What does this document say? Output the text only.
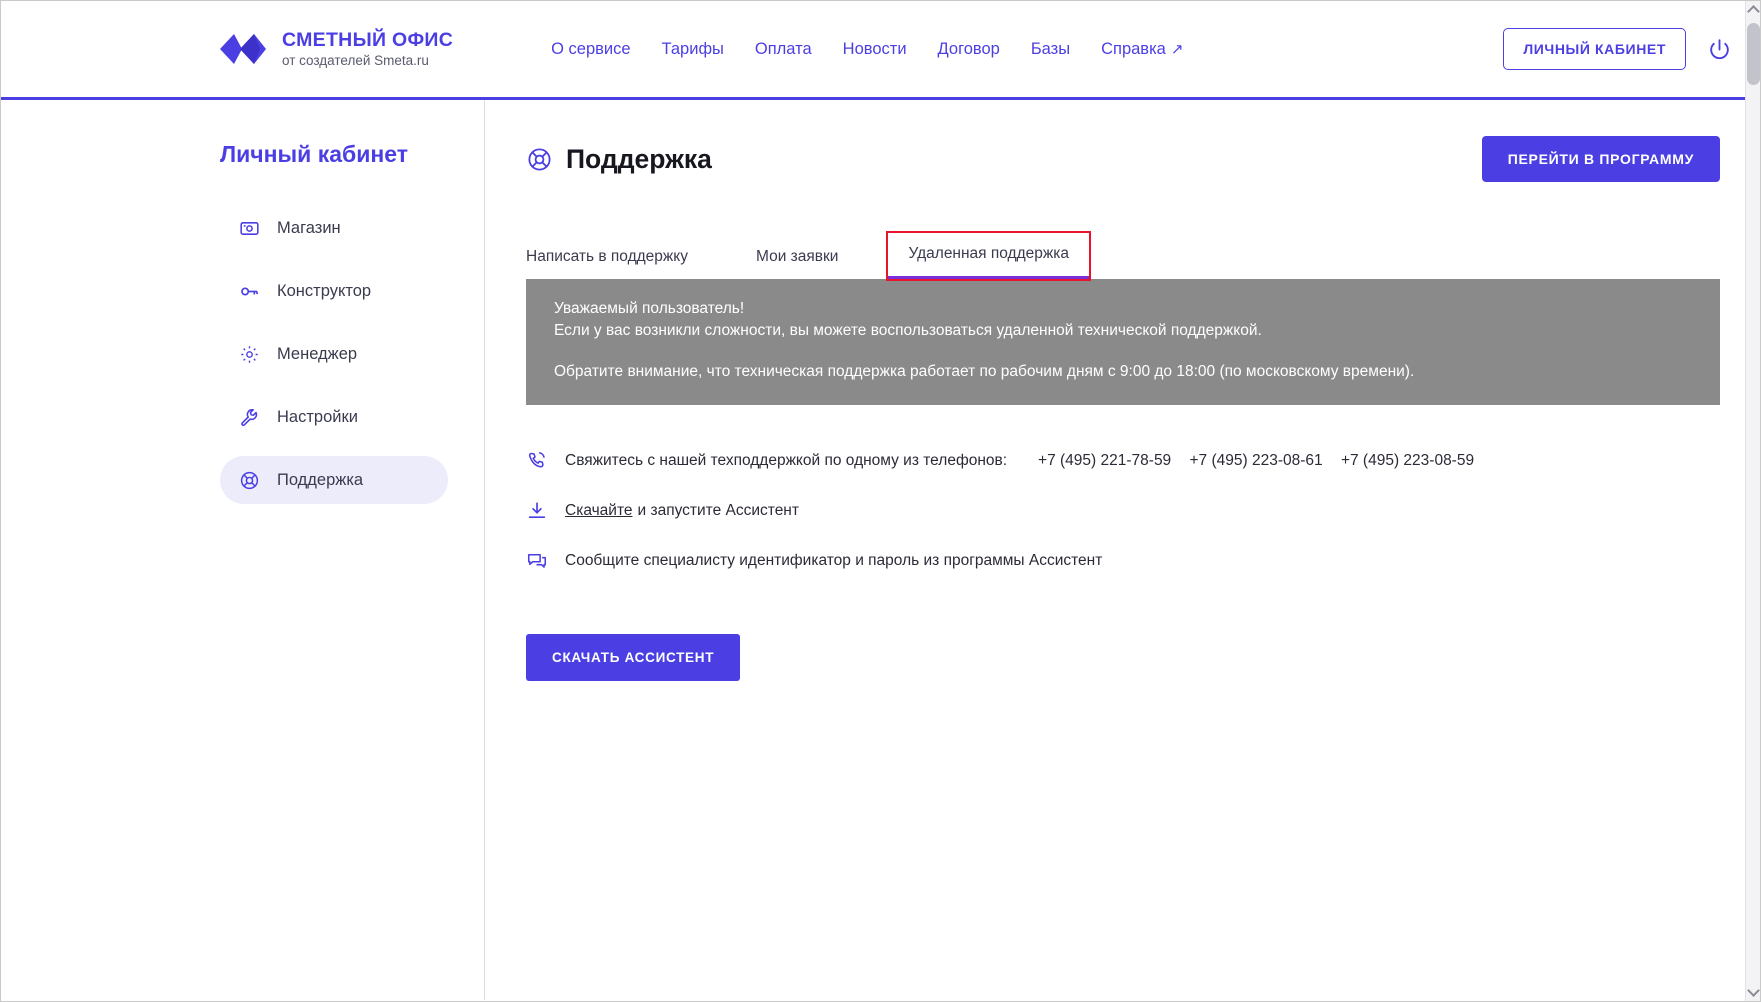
СМЕТНЫЙ ОФИС
от создателей Smeta.ru
О сервисе Тарифы Оплата Новости Договор Базы Справка ↗	ЛИЧНЫЙ КАБИНЕТ
Личный кабинет
Магазин
Конструктор
Менеджер
Настройки
Поддержка
Поддержка	ПЕРЕЙТИ В ПРОГРАММУ
Написать в поддержку	Мои заявки	Удаленная поддержка

Уважаемый пользователь!

Если у вас возникли сложности, вы можете воспользоваться удаленной технической поддержкой.

Обратите внимание, что техническая поддержка работает по рабочим дням с 9:00 до 18:00 (по московскому времени).

Свяжитесь с нашей техподдержкой по одному из телефонов:	+7 (495) 221-78-59 +7 (495) 223-08-61 +7 (495) 223-08-59
Скачайте и запустите Ассистент
Сообщите специалисту идентификатор и пароль из программы Ассистент
СКАЧАТЬ АССИСТЕНТ
